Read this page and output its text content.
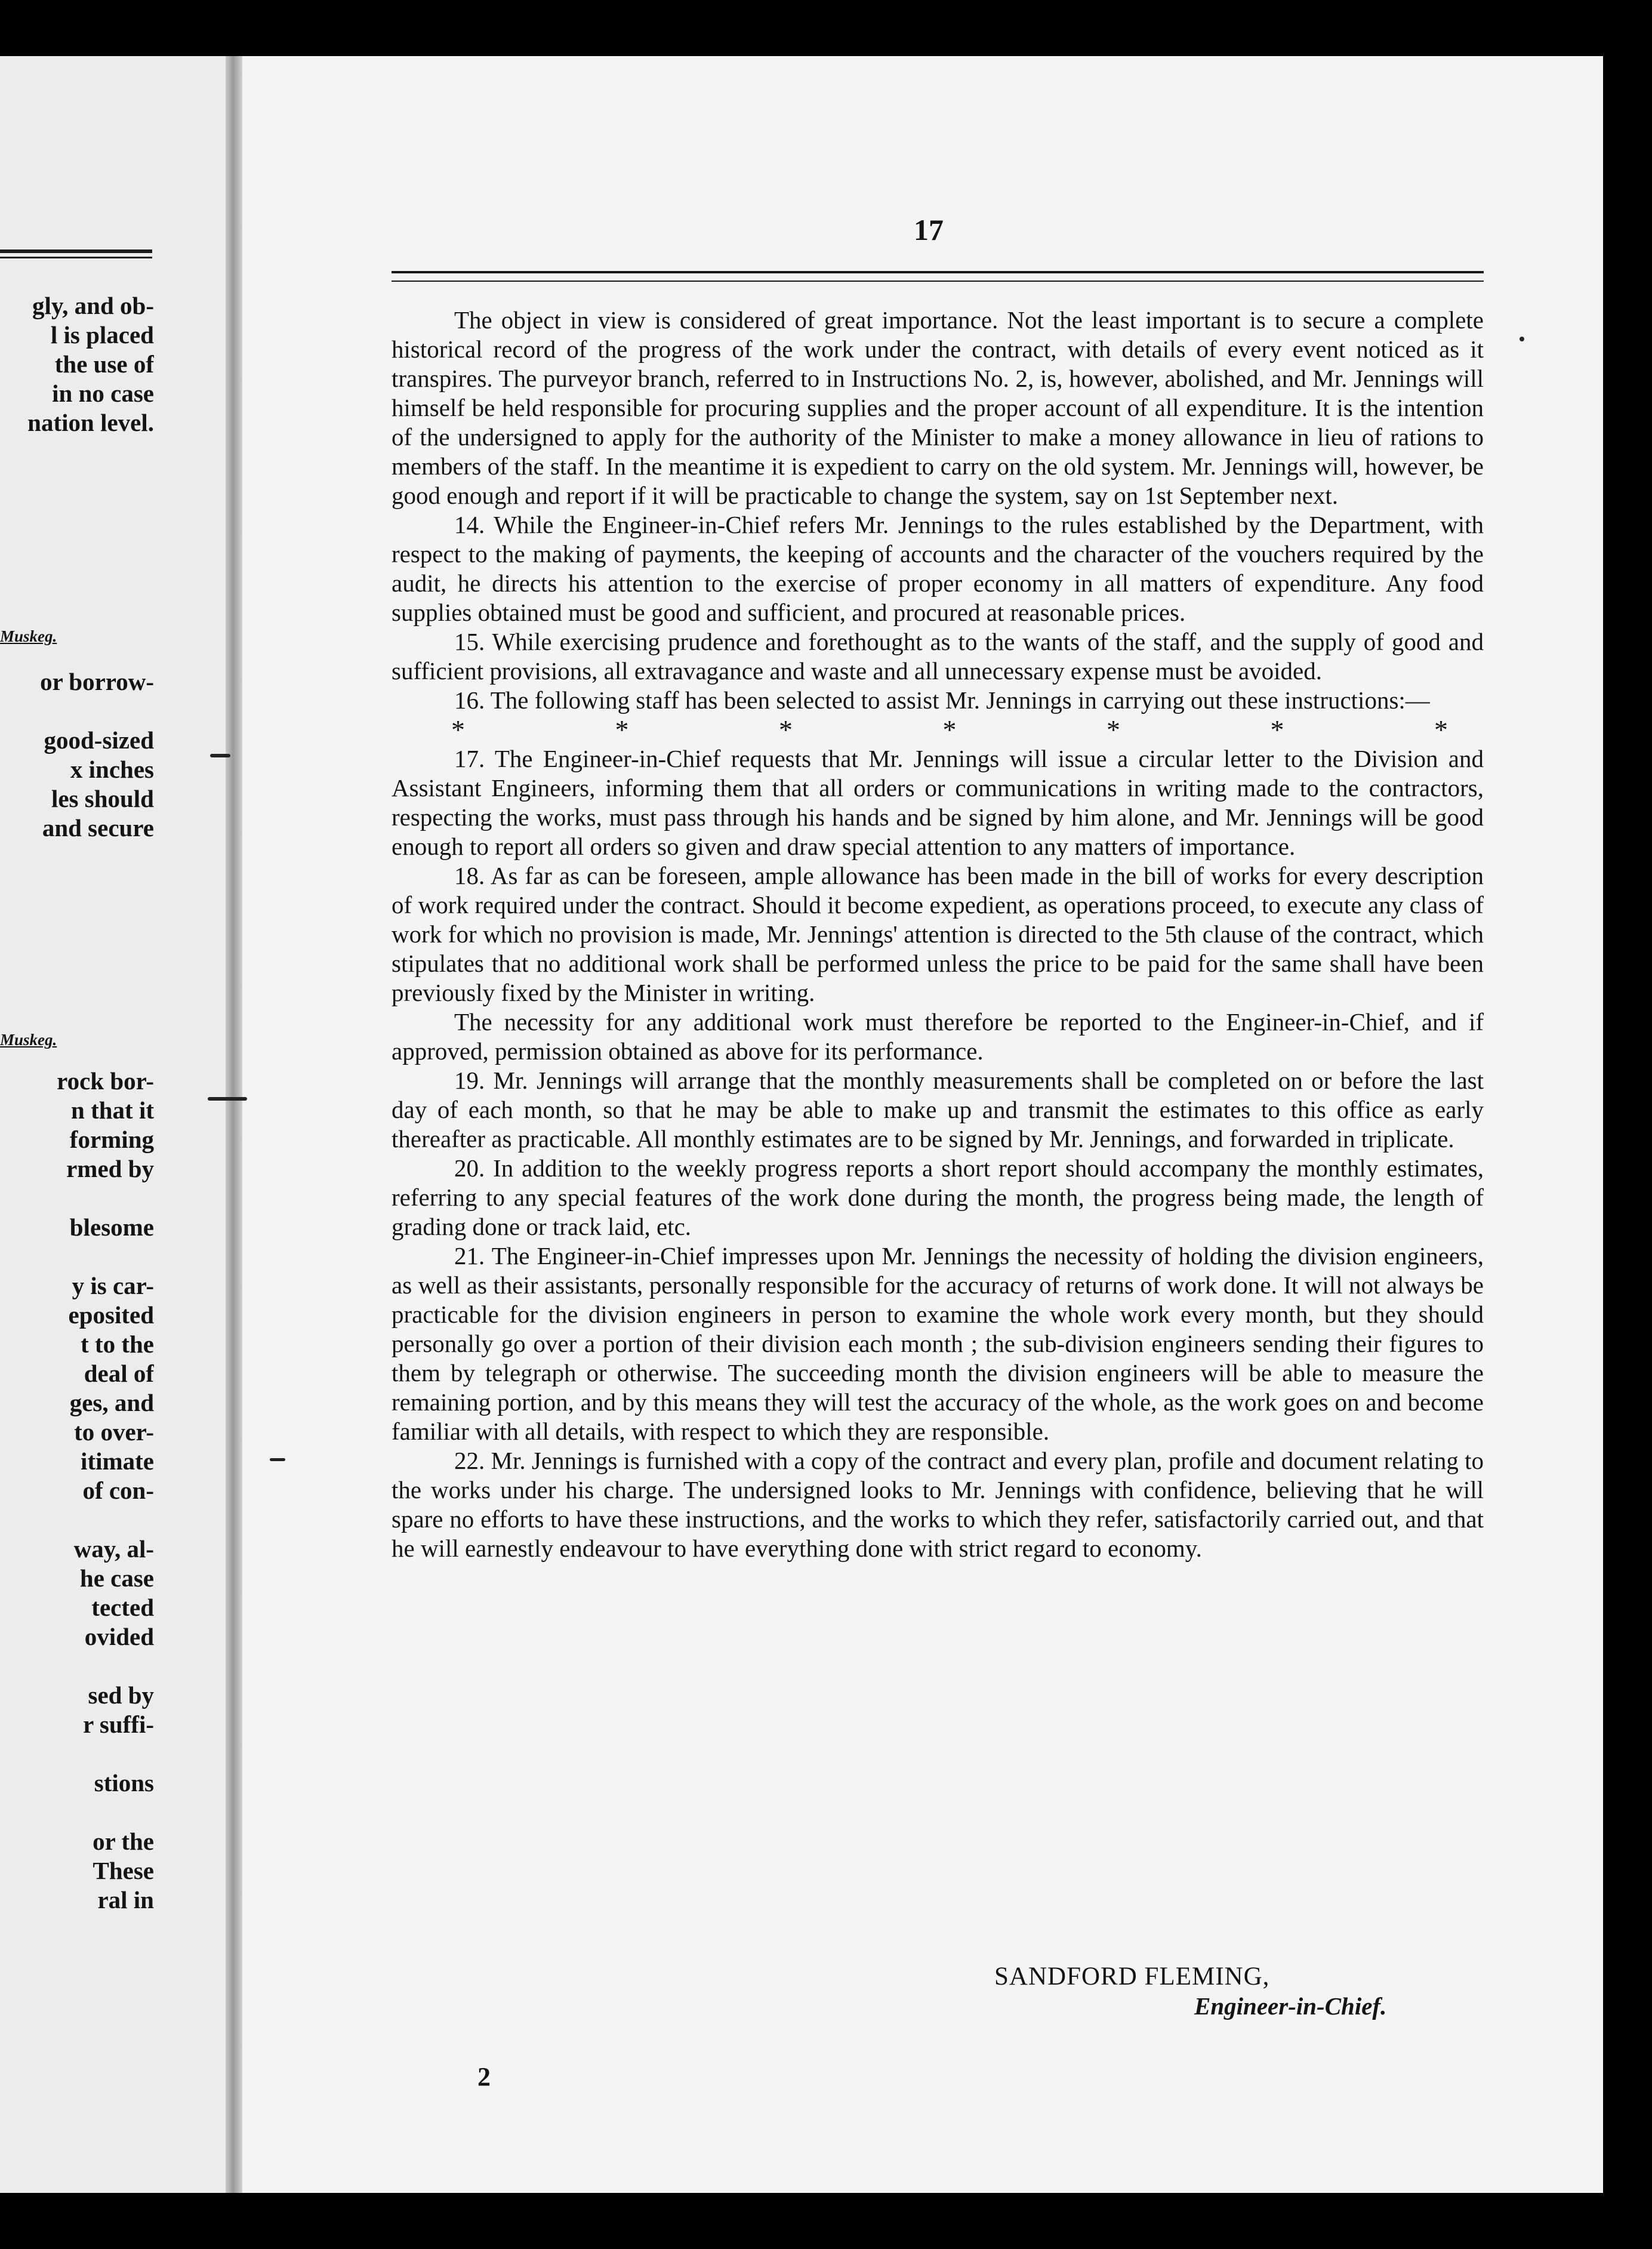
gly, and ob-
l is placed
the use of
in no case
nation level.
Muskeg.
or borrow-
good-sized
x inches
les should
and secure
Muskeg.
rock bor-
n that it
forming
rmed by
blesome
y is car-
eposited
t to the
deal of
ges, and
to over-
itimate
of con-
way, al-
he case
tected
ovided
sed by
r suffi-
stions
or the
These
ral in
17

The object in view is considered of great importance. Not the least important is to secure a complete historical record of the progress of the work under the contract, with details of every event noticed as it transpires. The purveyor branch, referred to in Instructions No. 2, is, however, abolished, and Mr. Jennings will himself be held responsible for procuring supplies and the proper account of all expenditure. It is the intention of the undersigned to apply for the authority of the Minister to make a money allowance in lieu of rations to members of the staff. In the meantime it is expedient to carry on the old system. Mr. Jennings will, however, be good enough and report if it will be practicable to change the system, say on 1st September next.

14. While the Engineer-in-Chief refers Mr. Jennings to the rules established by the Department, with respect to the making of payments, the keeping of accounts and the character of the vouchers required by the audit, he directs his attention to the exercise of proper economy in all matters of expenditure. Any food supplies obtained must be good and sufficient, and procured at reasonable prices.

15. While exercising prudence and forethought as to the wants of the staff, and the supply of good and sufficient provisions, all extravagance and waste and all unnecessary expense must be avoided.

16. The following staff has been selected to assist Mr. Jennings in carrying out these instructions:—

*	*	*	*	*	*	*

17. The Engineer-in-Chief requests that Mr. Jennings will issue a circular letter to the Division and Assistant Engineers, informing them that all orders or communications in writing made to the contractors, respecting the works, must pass through his hands and be signed by him alone, and Mr. Jennings will be good enough to report all orders so given and draw special attention to any matters of importance.

18. As far as can be foreseen, ample allowance has been made in the bill of works for every description of work required under the contract. Should it become expedient, as operations proceed, to execute any class of work for which no provision is made, Mr. Jennings' attention is directed to the 5th clause of the contract, which stipulates that no additional work shall be performed unless the price to be paid for the same shall have been previously fixed by the Minister in writing.

The necessity for any additional work must therefore be reported to the Engineer-in-Chief, and if approved, permission obtained as above for its performance.

19. Mr. Jennings will arrange that the monthly measurements shall be completed on or before the last day of each month, so that he may be able to make up and transmit the estimates to this office as early thereafter as practicable. All monthly estimates are to be signed by Mr. Jennings, and forwarded in triplicate.

20. In addition to the weekly progress reports a short report should accompany the monthly estimates, referring to any special features of the work done during the month, the progress being made, the length of grading done or track laid, etc.

21. The Engineer-in-Chief impresses upon Mr. Jennings the necessity of holding the division engineers, as well as their assistants, personally responsible for the accuracy of returns of work done. It will not always be practicable for the division engineers in person to examine the whole work every month, but they should personally go over a portion of their division each month ; the sub-division engineers sending their figures to them by telegraph or otherwise. The succeeding month the division engineers will be able to measure the remaining portion, and by this means they will test the accuracy of the whole, as the work goes on and become familiar with all details, with respect to which they are responsible.

22. Mr. Jennings is furnished with a copy of the contract and every plan, profile and document relating to the works under his charge. The undersigned looks to Mr. Jennings with confidence, believing that he will spare no efforts to have these instructions, and the works to which they refer, satisfactorily carried out, and that he will earnestly endeavour to have everything done with strict regard to economy.

SANDFORD FLEMING,
Engineer-in-Chief.
2
